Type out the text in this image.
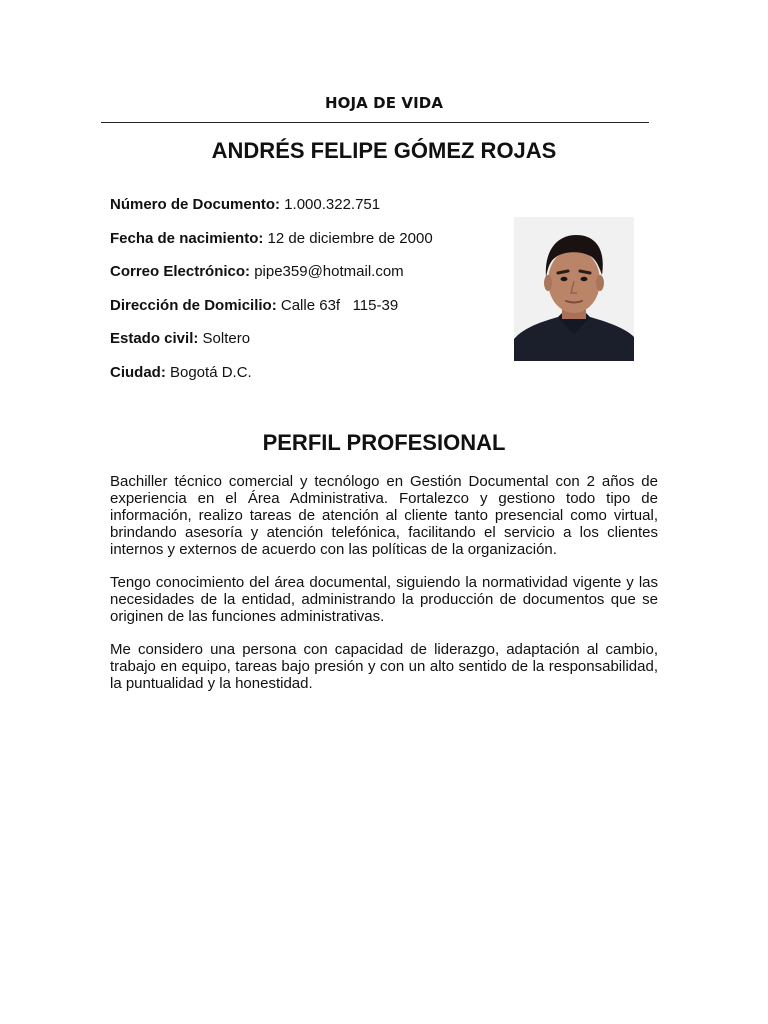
HOJA DE VIDA
ANDRÉS FELIPE GÓMEZ ROJAS
Número de Documento: 1.000.322.751
Fecha de nacimiento: 12 de diciembre de 2000
Correo Electrónico: pipe359@hotmail.com
Dirección de Domicilio: Calle 63f   115-39
Estado civil: Soltero
Ciudad: Bogotá D.C.
PERFIL PROFESIONAL

Bachiller técnico comercial y tecnólogo en Gestión Documental con 2 años de experiencia en el Área Administrativa. Fortalezco y gestiono todo tipo de información, realizo tareas de atención al cliente tanto presencial como virtual, brindando asesoría y atención telefónica, facilitando el servicio a los clientes internos y externos de acuerdo con las políticas de la organización.

Tengo conocimiento del área documental, siguiendo la normatividad vigente y las necesidades de la entidad, administrando la producción de documentos que se originen de las funciones administrativas.

Me considero una persona con capacidad de liderazgo, adaptación al cambio, trabajo en equipo, tareas bajo presión y con un alto sentido de la responsabilidad, la puntualidad y la honestidad.
